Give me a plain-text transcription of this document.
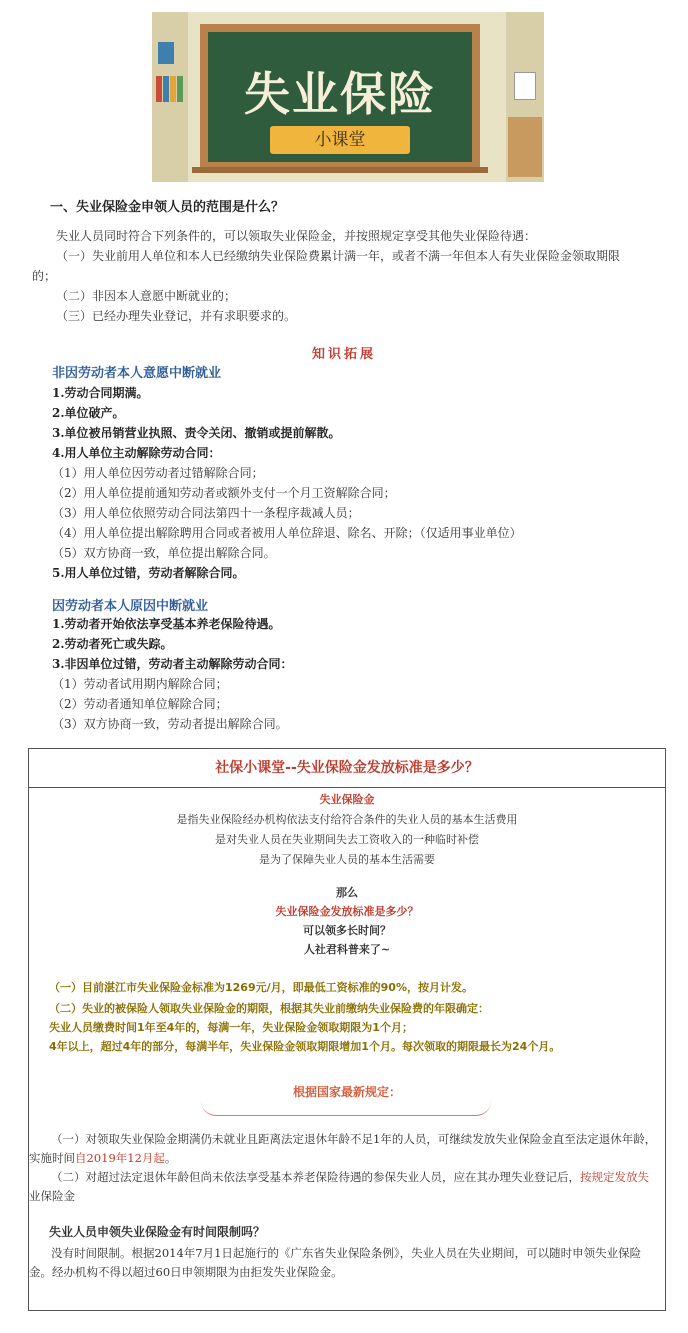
失业保险
小课堂
一、失业保险金申领人员的范围是什么？
失业人员同时符合下列条件的，可以领取失业保险金，并按照规定享受其他失业保险待遇：
（一）失业前用人单位和本人已经缴纳失业保险费累计满一年，或者不满一年但本人有失业保险金领取期限
的；
（二）非因本人意愿中断就业的；
（三）已经办理失业登记，并有求职要求的。
知识拓展
非因劳动者本人意愿中断就业
1.劳动合同期满。
2.单位破产。
3.单位被吊销营业执照、责令关闭、撤销或提前解散。
4.用人单位主动解除劳动合同：
（1）用人单位因劳动者过错解除合同；
（2）用人单位提前通知劳动者或额外支付一个月工资解除合同；
（3）用人单位依照劳动合同法第四十一条程序裁减人员；
（4）用人单位提出解除聘用合同或者被用人单位辞退、除名、开除；（仅适用事业单位）
（5）双方协商一致，单位提出解除合同。
5.用人单位过错，劳动者解除合同。
因劳动者本人原因中断就业
1.劳动者开始依法享受基本养老保险待遇。
2.劳动者死亡或失踪。
3.非因单位过错，劳动者主动解除劳动合同：
（1）劳动者试用期内解除合同；
（2）劳动者通知单位解除合同；
（3）双方协商一致，劳动者提出解除合同。
社保小课堂--失业保险金发放标准是多少？
失业保险金
是指失业保险经办机构依法支付给符合条件的失业人员的基本生活费用
是对失业人员在失业期间失去工资收入的一种临时补偿
是为了保障失业人员的基本生活需要
那么
失业保险金发放标准是多少？
可以领多长时间？
人社君科普来了~
（一）目前湛江市失业保险金标准为1269元/月，即最低工资标准的90%，按月计发。
（二）失业的被保险人领取失业保险金的期限，根据其失业前缴纳失业保险费的年限确定：
失业人员缴费时间1年至4年的，每满一年，失业保险金领取期限为1个月；
4年以上，超过4年的部分，每满半年，失业保险金领取期限增加1个月。每次领取的期限最长为24个月。
根据国家最新规定：
（一）对领取失业保险金期满仍未就业且距离法定退休年龄不足1年的人员，可继续发放失业保险金直至法定退休年龄，
实施时间自2019年12月起。
（二）对超过法定退休年龄但尚未依法享受基本养老保险待遇的参保失业人员，应在其办理失业登记后，按规定发放失
业保险金
失业人员申领失业保险金有时间限制吗？
没有时间限制。根据2014年7月1日起施行的《广东省失业保险条例》，失业人员在失业期间，可以随时申领失业保险
金。经办机构不得以超过60日申领期限为由拒发失业保险金。
